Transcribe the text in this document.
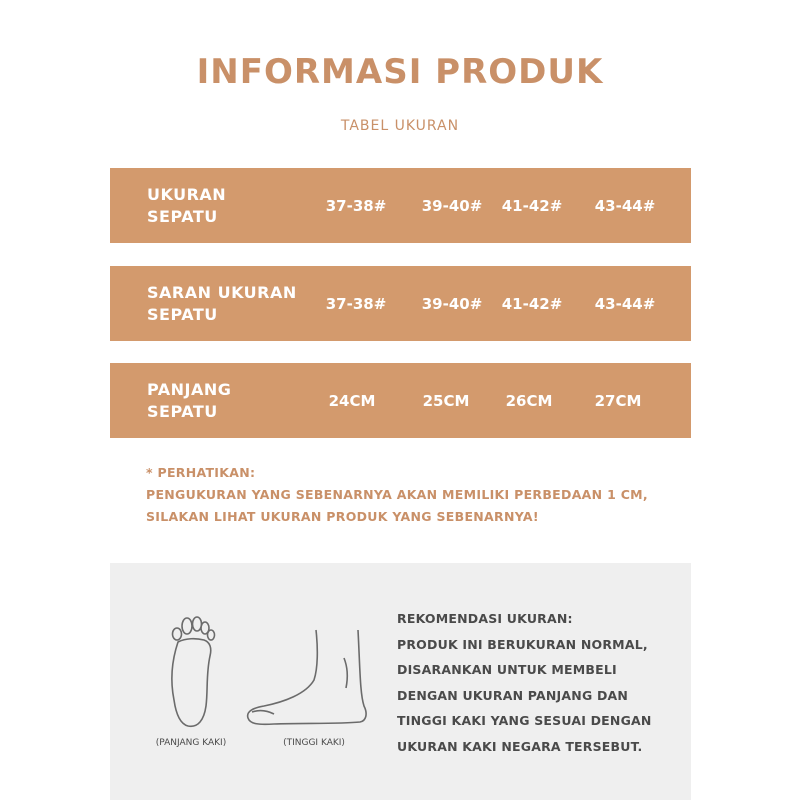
INFORMASI PRODUK
TABEL UKURAN
UKURAN
SEPATU
37-38# 39-40# 41-42# 43-44#
SARAN UKURAN
SEPATU
37-38# 39-40# 41-42# 43-44#
PANJANG
SEPATU
24CM	25CM 26CM	27CM
* PERHATIKAN:
PENGUKURAN YANG SEBENARNYA AKAN MEMILIKI PERBEDAAN 1 CM,
SILAKAN LIHAT UKURAN PRODUK YANG SEBENARNYA!
(PANJANG KAKI)	(TINGGI KAKI)
REKOMENDASI UKURAN:
PRODUK INI BERUKURAN NORMAL,
DISARANKAN UNTUK MEMBELI
DENGAN UKURAN PANJANG DAN
TINGGI KAKI YANG SESUAI DENGAN
UKURAN KAKI NEGARA TERSEBUT.
